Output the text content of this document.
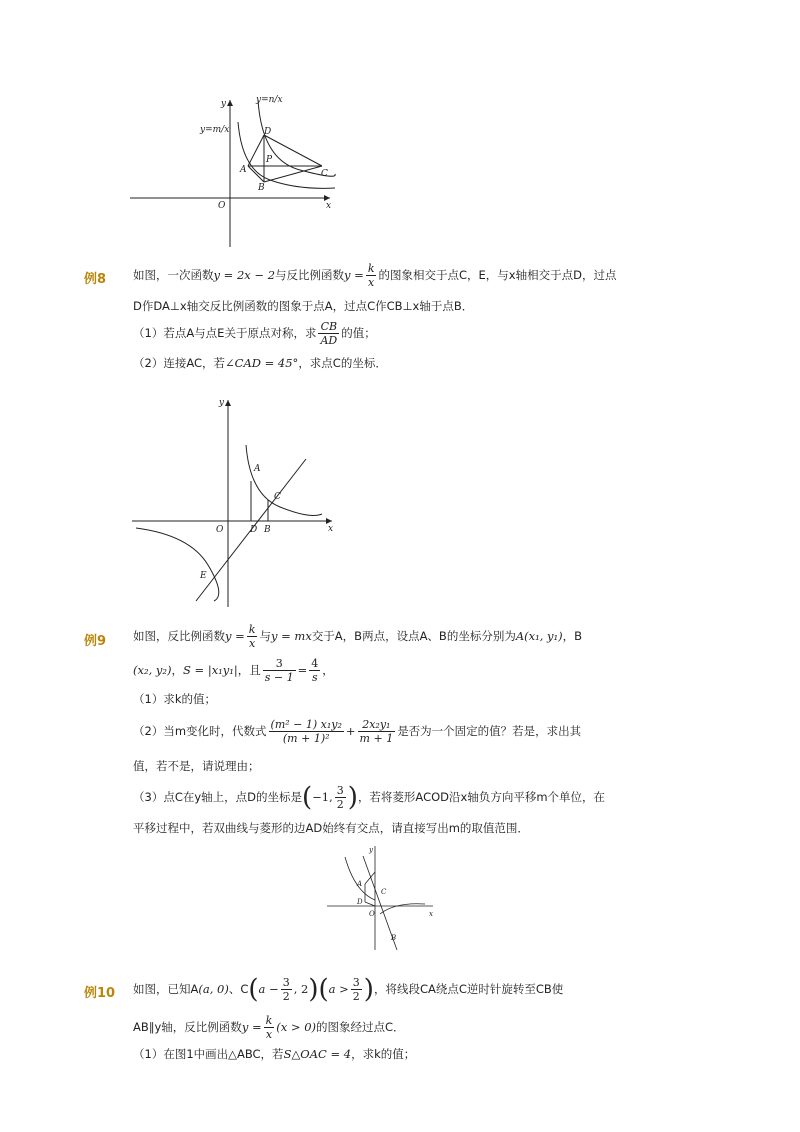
y
x
O
y=m/x
y=n/x
D
P
A	C
B
例8 如图，一次函数y = 2x − 2与反比例函数$y = \frac{k}{x}$ 的图象相交于点C，E，与x轴相交于点D，过点
D作DA⊥x轴交反比例函数的图象于点A，过点C作CB⊥x轴于点B．
（1）若点A与点E关于原点对称，求 $\frac{CB}{AD}$ 的值；
（2）连接AC，若∠CAD = 45°，求点C的坐标．
y
x
O
A
C
D B
E
例9 如图，反比例函数$y = \frac{k}{x}$ 与y = mx交于A，B两点，设点A、B的坐标分别为A(x₁, y₁)，B
(x₂, y₂)，S = |x₁y₁|，且 $\frac{3}{s - 1} = \frac{4}{s}$ ，
（1）求k的值；
（2）当m变化时，代数式 $\frac{\text{(m² − 1) x₁y₂}}{\text{(m + 1)²}} + \frac{\text{2x₂y₁}}{m + 1}$ 是否为一个固定的值？若是，求出其
值，若不是，请说理由；
（3）点C在y轴上，点D的坐标是(−1, $\frac{3}{2}$ )，若将菱形ACOD沿x轴负方向平移m个单位，在
平移过程中，若双曲线与菱形的边AD始终有交点，请直接写出m的取值范围．
y
x
A
C
D
O
B
例10 如图，已知A(a, 0)、$C(a - \frac{3}{2}$ , $2)(a > \frac{3}{2}$ )，将线段CA绕点C逆时针旋转至CB使
AB∥y轴，反比例函数$y = \frac{k}{x} (x > 0)$的图象经过点C．
（1）在图1中画出△ABC，若S△OAC = 4，求k的值；
